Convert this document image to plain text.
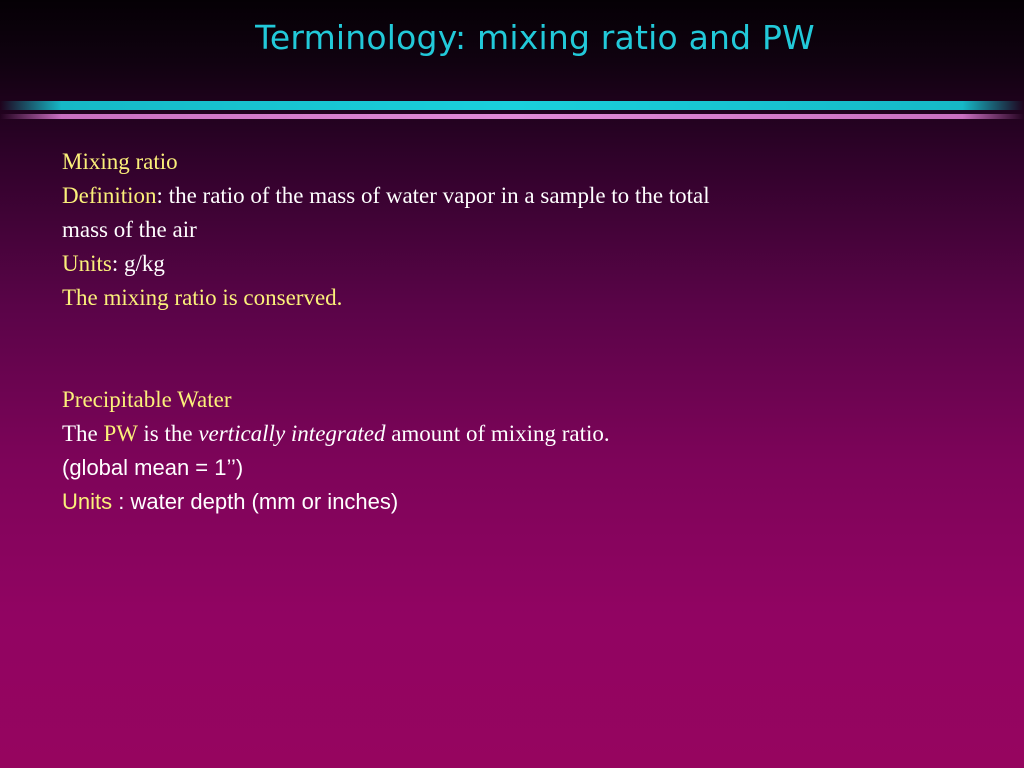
Terminology: mixing ratio and PW
Mixing ratio
Definition: the ratio of the mass of water vapor in a sample to the total
mass of the air
Units: g/kg
The mixing ratio is conserved.
Precipitable Water
The PW is the vertically integrated amount of mixing ratio.
(global mean = 1’’)
Units : water depth (mm or inches)
